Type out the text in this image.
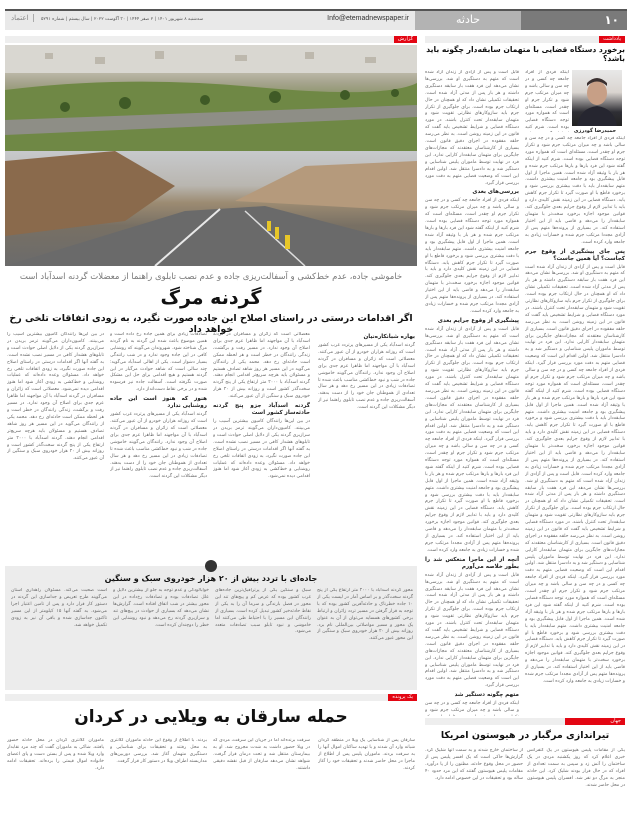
۱۰
حادثه
Info@etemadnewspaper.ir
سه‌شنبه ۸ شهریور ۱۴۰۱ | ۲ صفر ۱۴۴۴ | ۳۰ آگوست ۲۰۲۲ | سال بیستم | شماره ۵۲۹۱
اعتماد
گزارش
خاموشی جاده، عدم خط‌کشی و آسفالت‌ریزی جاده و عدم نصب تابلوی راهنما از معضلات گردنه اسدآباد است
گردنه مرگ
اگر اقدامات درستی در راستای اصلاح این جاده صورت نگیرد، به زودی اتفاقات تلخی رخ خواهد داد
بهاره شبانکاره‌نیان
گردنه اسدآباد یکی از مسیرهای پرتردد غرب کشور است که روزانه هزاران خودرو از آن عبور می‌کنند. معضلاتی است که زائران و مسافران در گردنه اسدآباد با آن مواجهند اما ظاهرا عزم جدی برای اصلاح آن وجود ندارد. رانندگان می‌گویند خاموشی جاده در شب و نبود خط‌کشی مناسب باعث شده تا تصادفات زیادی در این مسیر رخ دهد و هر سال تعدادی از هموطنان جان خود را از دست بدهند. آسفالت‌ریزی جاده و عدم نصب تابلوی راهنما نیز از دیگر مشکلات این گردنه است.
معضلاتی است که زائران و مسافران در گردنه اسدآباد با آن مواجهند اما ظاهرا عزم جدی برای اصلاح آن وجود ندارد. در مسیر رفت و برگشت، زندگی رانندگان در خطر است و هر لحظه ممکن است حادثه‌ای رخ دهد. محمد یکی از رانندگان می‌گوید در این مسیر هر روز شاهد تصادف هستیم و مسئولان باید هرچه سریع‌تر اقدامی انجام دهند. گردنه اسدآباد با ۲۰۰۰ متر ارتفاع یکی از پنج گردنه سخت‌گذر کشور است و روزانه بیش از ۲۰ هزار خودروی سبک و سنگین از آن عبور می‌کنند.
گردنه اسدآباد جزو پنج گردنه حادثه‌ساز کشور است
در بین این‌ها رانندگان کامیون بیشترین آسیب را می‌بینند. کامیون‌داران می‌گویند ترمز بریدن در سرازیری گردنه یکی از دلایل اصلی حوادث است و تابلوهای هشدار کافی در مسیر نصب نشده است. به گفته آنها اگر اقدامات درستی در راستای اصلاح این جاده صورت نگیرد، به زودی اتفاقات تلخی رخ خواهد داد. مسئولان وعده داده‌اند که عملیات روشنایی و خط‌کشی به زودی آغاز شود اما هنوز اقدامی دیده نمی‌شود.
تصادفات زیادی برای همین جاده رخ داده است و همین موضوع باعث شده این گردنه به نام گردنه مرگ شناخته شود. شهروندان می‌گویند که روشنایی کافی در این جاده وجود ندارد و در شب رانندگی بسیار دشوار است. یکی از اهالی اسدآباد می‌گوید: چند سالی است که شاهد حوادث مرگبار در این گردنه هستیم و هیچ اقدامی برای حل این مشکل صورت نگرفته است. آسفالت جاده نیز فرسوده شده و در برخی نقاط دست‌انداز دارد.
هنوز که هنوز است این جاده روشنایی ندارد
گردنه اسدآباد یکی از مسیرهای پرتردد غرب کشور است که روزانه هزاران خودرو از آن عبور می‌کنند. معضلاتی است که زائران و مسافران در گردنه اسدآباد با آن مواجهند اما ظاهرا عزم جدی برای اصلاح آن وجود ندارد. رانندگان می‌گویند خاموشی جاده در شب و نبود خط‌کشی مناسب باعث شده تا تصادفات زیادی در این مسیر رخ دهد و هر سال تعدادی از هموطنان جان خود را از دست بدهند. آسفالت‌ریزی جاده و عدم نصب تابلوی راهنما نیز از دیگر مشکلات این گردنه است.
در بین این‌ها رانندگان کامیون بیشترین آسیب را می‌بینند. کامیون‌داران می‌گویند ترمز بریدن در سرازیری گردنه یکی از دلایل اصلی حوادث است و تابلوهای هشدار کافی در مسیر نصب نشده است. به گفته آنها اگر اقدامات درستی در راستای اصلاح این جاده صورت نگیرد، به زودی اتفاقات تلخی رخ خواهد داد. مسئولان وعده داده‌اند که عملیات روشنایی و خط‌کشی به زودی آغاز شود اما هنوز اقدامی دیده نمی‌شود. معضلاتی است که زائران و مسافران در گردنه اسدآباد با آن مواجهند اما ظاهرا عزم جدی برای اصلاح آن وجود ندارد. در مسیر رفت و برگشت، زندگی رانندگان در خطر است و هر لحظه ممکن است حادثه‌ای رخ دهد. محمد یکی از رانندگان می‌گوید در این مسیر هر روز شاهد تصادف هستیم و مسئولان باید هرچه سریع‌تر اقدامی انجام دهند. گردنه اسدآباد با ۲۰۰۰ متر ارتفاع یکی از پنج گردنه سخت‌گذر کشور است و روزانه بیش از ۲۰ هزار خودروی سبک و سنگین از آن عبور می‌کنند.
جاده‌ای با تردد بیش از ۲۰ هزار خودروی سبک و سنگین
محور گردنه اسدآباد با ۲۰۰۰ متر ارتفاع یکی از پنج گردنه سخت‌گذر و بر اساس آمار در لیست یکی از ۱۰ جاده خطرناک و حادثه‌آفرین کشور بوده که با توجه به قرار گرفتن در مسیر تردد زائران و ارتباط برخی کشورهای همسایه می‌توان از آن به عنوان یک محور و مسیر مواصلاتی بین‌المللی نام برد. روزانه بیش از ۲۰ هزار خودروی سبک و سنگین از این محور عبور می‌کنند.
سبک و سنگین یکی از پرترافیک‌ترین جاده‌های غرب کشور بوده که عرض کم و پیچ‌های تند این محور در فصل بارندگی و سرما آن را به یکی از نقاط حادثه‌خیز کشور تبدیل کرده است. بسیاری از رانندگان این مسیر را با احتیاط طی می‌کنند اما خاموشی و نبود تابلو سبب تصادفات متعدد می‌شود.
خوابآلودگی و عدم توجه به جلو از بیشترین دلایل و علل تصادفات بوده و تصادفات رخ‌داده در این محور بیشتر در شب اتفاق افتاده است. گزارش‌ها نشان می‌دهد که بسیاری از حوادث در پیچ‌های تند و سرازیری گردنه رخ می‌دهد و نبود روشنایی این خطر را دوچندان کرده است.
است صحبت می‌کند. مسئولان راهداری استان می‌گویند طرح تعریض و جداسازی این گردنه در دستور کار قرار دارد و پس از تامین اعتبار اجرا می‌شود. به گفته آنها ۱۵ کیلومتر از این مسیر تاکنون جداسازی شده و باقی آن نیز به زودی تکمیل خواهد شد.
یک پرونده
حمله سارقان به ویلایی در کردان
سارقان پس از شناسایی یک ویلا در منطقه کردان شبانه وارد آن شدند و با تهدید ساکنان اموال آنها را به سرقت بردند. ماموران پلیس پس از اطلاع از ماجرا در محل حاضر شدند و تحقیقات خود را آغاز کردند.
سرقت برنده‌اند اما در جریان این سرقت، مردی که در ویلا حضور داشت به شدت مجروح شد. او به بیمارستان منتقل شد و تحت درمان قرار گرفت. شواهد نشان می‌دهد سارقان از قبل نقشه دقیقی داشتند.
بردند. با اطلاع از وقوع این حادثه ماموران کلانتری به محل رفتند و تحقیقات برای شناسایی و دستگیری متهمان آغاز شد. بررسی دوربین‌های مداربسته اطراف ویلا در دستور کار قرار گرفت.
ماموران کلانتری کردان در محل حادثه حضور یافتند. شاکی به ماموران گفت که چند مرد نقابدار وارد ویلا شده و پس از بستن دست و پای اعضای خانواده اموال قیمتی را برده‌اند. تحقیقات ادامه دارد.
یادداشت
برخورد دستگاه قضایی با متهمان سابقه‌دار چگونه باید باشد؟
حمیدرضا گودرزی
اینکه فردی از افراد جامعه چه کسی و در چه سن و سالی باشد و چه میزان مرتکب جرم شود و تکرار جرم او چقدر است، مسئله‌ای است که همواره مورد توجه دستگاه قضایی بوده است. شرم کنید
اینکه فردی از افراد جامعه چه کسی و در چه سن و سالی باشد و چه میزان مرتکب جرم شود و تکرار جرم او چقدر است، مسئله‌ای است که همواره مورد توجه دستگاه قضایی بوده است. شرم کنید از اینکه گفته شود این فرد بارها و بارها مرتکب جرم شده و هر بار با وثیقه آزاد شده است. همین ماجرا از اول قابل پیشگیری بود و جامعه امنیت بیشتری داشت. متهم سابقه‌دار باید با دقت بیشتری بررسی شود و برخورد قاطع با او صورت گیرد تا تکرار جرم کاهش یابد. دستگاه قضایی در این زمینه نقش کلیدی دارد و باید با تدابیر لازم از وقوع جرایم بعدی جلوگیری کند. قوانین موجود اجازه برخورد سخت‌تر با متهمان سابقه‌دار را می‌دهد و قاضی باید از این اختیار استفاده کند. در بسیاری از پرونده‌ها متهم پس از آزادی مجددا مرتکب جرم شده و خسارات زیادی به جامعه وارد کرده است.
پس جای پیشگیری از وقوع جرم کجاست؟ آیا همین جاست؟
قابل است و پس از آزادی از زندان آزاد شده است که متهم به دستگیری او شد. بررسی‌ها نشان می‌دهد این فرد هفت بار سابقه دستگیری داشته و هر بار پس از مدتی آزاد شده است. تحقیقات تکمیلی نشان داد که او همچنان در حال ارتکاب جرم بوده است. برای جلوگیری از تکرار جرم باید سازوکارهای نظارتی تقویت شود و متهمان سابقه‌دار تحت کنترل باشند. در مورد دستگاه قضایی و شرایط تشخیص باید گفت که قانون در این زمینه روشن است. به نظر می‌رسد حلقه مفقوده در اجرای دقیق قانون است. بسیاری از کارشناسان معتقدند که مجازات‌های جایگزین برای متهمان سابقه‌دار کارایی ندارد. این فرد در نهایت توسط ماموران پلیس شناسایی و دستگیر شد و به دادسرا منتقل شد. اولین اقدام این است که وضعیت قضایی متهم به دقت مورد بررسی قرار گیرد. اینکه فردی از افراد جامعه چه کسی و در چه سن و سالی باشد و چه میزان مرتکب جرم شود و تکرار جرم او چقدر است، مسئله‌ای است که همواره مورد توجه دستگاه قضایی بوده است. شرم کنید از اینکه گفته شود این فرد بارها و بارها مرتکب جرم شده و هر بار با وثیقه آزاد شده است. همین ماجرا از اول قابل پیشگیری بود و جامعه امنیت بیشتری داشت. متهم سابقه‌دار باید با دقت بیشتری بررسی شود و برخورد قاطع با او صورت گیرد تا تکرار جرم کاهش یابد. دستگاه قضایی در این زمینه نقش کلیدی دارد و باید با تدابیر لازم از وقوع جرایم بعدی جلوگیری کند. قوانین موجود اجازه برخورد سخت‌تر با متهمان سابقه‌دار را می‌دهد و قاضی باید از این اختیار استفاده کند. در بسیاری از پرونده‌ها متهم پس از آزادی مجددا مرتکب جرم شده و خسارات زیادی به جامعه وارد کرده است. قابل است و پس از آزادی از زندان آزاد شده است که متهم به دستگیری او شد. بررسی‌ها نشان می‌دهد این فرد هفت بار سابقه دستگیری داشته و هر بار پس از مدتی آزاد شده است. تحقیقات تکمیلی نشان داد که او همچنان در حال ارتکاب جرم بوده است. برای جلوگیری از تکرار جرم باید سازوکارهای نظارتی تقویت شود و متهمان سابقه‌دار تحت کنترل باشند. در مورد دستگاه قضایی و شرایط تشخیص باید گفت که قانون در این زمینه روشن است. به نظر می‌رسد حلقه مفقوده در اجرای دقیق قانون است. بسیاری از کارشناسان معتقدند که مجازات‌های جایگزین برای متهمان سابقه‌دار کارایی ندارد. این فرد در نهایت توسط ماموران پلیس شناسایی و دستگیر شد و به دادسرا منتقل شد. اولین اقدام این است که وضعیت قضایی متهم به دقت مورد بررسی قرار گیرد. اینکه فردی از افراد جامعه چه کسی و در چه سن و سالی باشد و چه میزان مرتکب جرم شود و تکرار جرم او چقدر است، مسئله‌ای است که همواره مورد توجه دستگاه قضایی بوده است. شرم کنید از اینکه گفته شود این فرد بارها و بارها مرتکب جرم شده و هر بار با وثیقه آزاد شده است. همین ماجرا از اول قابل پیشگیری بود و جامعه امنیت بیشتری داشت. متهم سابقه‌دار باید با دقت بیشتری بررسی شود و برخورد قاطع با او صورت گیرد تا تکرار جرم کاهش یابد. دستگاه قضایی در این زمینه نقش کلیدی دارد و باید با تدابیر لازم از وقوع جرایم بعدی جلوگیری کند. قوانین موجود اجازه برخورد سخت‌تر با متهمان سابقه‌دار را می‌دهد و قاضی باید از این اختیار استفاده کند. در بسیاری از پرونده‌ها متهم پس از آزادی مجددا مرتکب جرم شده و خسارات زیادی به جامعه وارد کرده است.
قابل است و پس از آزادی از زندان آزاد شده است که متهم به دستگیری او شد. بررسی‌ها نشان می‌دهد این فرد هفت بار سابقه دستگیری داشته و هر بار پس از مدتی آزاد شده است. تحقیقات تکمیلی نشان داد که او همچنان در حال ارتکاب جرم بوده است. برای جلوگیری از تکرار جرم باید سازوکارهای نظارتی تقویت شود و متهمان سابقه‌دار تحت کنترل باشند. در مورد دستگاه قضایی و شرایط تشخیص باید گفت که قانون در این زمینه روشن است. به نظر می‌رسد حلقه مفقوده در اجرای دقیق قانون است. بسیاری از کارشناسان معتقدند که مجازات‌های جایگزین برای متهمان سابقه‌دار کارایی ندارد. این فرد در نهایت توسط ماموران پلیس شناسایی و دستگیر شد و به دادسرا منتقل شد. اولین اقدام این است که وضعیت قضایی متهم به دقت مورد بررسی قرار گیرد.
بررسی‌های بعدی
اینکه فردی از افراد جامعه چه کسی و در چه سن و سالی باشد و چه میزان مرتکب جرم شود و تکرار جرم او چقدر است، مسئله‌ای است که همواره مورد توجه دستگاه قضایی بوده است. شرم کنید از اینکه گفته شود این فرد بارها و بارها مرتکب جرم شده و هر بار با وثیقه آزاد شده است. همین ماجرا از اول قابل پیشگیری بود و جامعه امنیت بیشتری داشت. متهم سابقه‌دار باید با دقت بیشتری بررسی شود و برخورد قاطع با او صورت گیرد تا تکرار جرم کاهش یابد. دستگاه قضایی در این زمینه نقش کلیدی دارد و باید با تدابیر لازم از وقوع جرایم بعدی جلوگیری کند. قوانین موجود اجازه برخورد سخت‌تر با متهمان سابقه‌دار را می‌دهد و قاضی باید از این اختیار استفاده کند. در بسیاری از پرونده‌ها متهم پس از آزادی مجددا مرتکب جرم شده و خسارات زیادی به جامعه وارد کرده است.
پیشگیری از وقوع جرایم بعدی
قابل است و پس از آزادی از زندان آزاد شده است که متهم به دستگیری او شد. بررسی‌ها نشان می‌دهد این فرد هفت بار سابقه دستگیری داشته و هر بار پس از مدتی آزاد شده است. تحقیقات تکمیلی نشان داد که او همچنان در حال ارتکاب جرم بوده است. برای جلوگیری از تکرار جرم باید سازوکارهای نظارتی تقویت شود و متهمان سابقه‌دار تحت کنترل باشند. در مورد دستگاه قضایی و شرایط تشخیص باید گفت که قانون در این زمینه روشن است. به نظر می‌رسد حلقه مفقوده در اجرای دقیق قانون است. بسیاری از کارشناسان معتقدند که مجازات‌های جایگزین برای متهمان سابقه‌دار کارایی ندارد. این فرد در نهایت توسط ماموران پلیس شناسایی و دستگیر شد و به دادسرا منتقل شد. اولین اقدام این است که وضعیت قضایی متهم به دقت مورد بررسی قرار گیرد. اینکه فردی از افراد جامعه چه کسی و در چه سن و سالی باشد و چه میزان مرتکب جرم شود و تکرار جرم او چقدر است، مسئله‌ای است که همواره مورد توجه دستگاه قضایی بوده است. شرم کنید از اینکه گفته شود این فرد بارها و بارها مرتکب جرم شده و هر بار با وثیقه آزاد شده است. همین ماجرا از اول قابل پیشگیری بود و جامعه امنیت بیشتری داشت. متهم سابقه‌دار باید با دقت بیشتری بررسی شود و برخورد قاطع با او صورت گیرد تا تکرار جرم کاهش یابد. دستگاه قضایی در این زمینه نقش کلیدی دارد و باید با تدابیر لازم از وقوع جرایم بعدی جلوگیری کند. قوانین موجود اجازه برخورد سخت‌تر با متهمان سابقه‌دار را می‌دهد و قاضی باید از این اختیار استفاده کند. در بسیاری از پرونده‌ها متهم پس از آزادی مجددا مرتکب جرم شده و خسارات زیادی به جامعه وارد کرده است.
آنچه از این ماجرا منعکس شد را بطور خلاصه می‌آورم
قابل است و پس از آزادی از زندان آزاد شده است که متهم به دستگیری او شد. بررسی‌ها نشان می‌دهد این فرد هفت بار سابقه دستگیری داشته و هر بار پس از مدتی آزاد شده است. تحقیقات تکمیلی نشان داد که او همچنان در حال ارتکاب جرم بوده است. برای جلوگیری از تکرار جرم باید سازوکارهای نظارتی تقویت شود و متهمان سابقه‌دار تحت کنترل باشند. در مورد دستگاه قضایی و شرایط تشخیص باید گفت که قانون در این زمینه روشن است. به نظر می‌رسد حلقه مفقوده در اجرای دقیق قانون است. بسیاری از کارشناسان معتقدند که مجازات‌های جایگزین برای متهمان سابقه‌دار کارایی ندارد. این فرد در نهایت توسط ماموران پلیس شناسایی و دستگیر شد و به دادسرا منتقل شد. اولین اقدام این است که وضعیت قضایی متهم به دقت مورد بررسی قرار گیرد.
متهم چگونه دستگیر شد
اینکه فردی از افراد جامعه چه کسی و در چه سن و سالی باشد و چه میزان مرتکب جرم شود و
جهان
تیراندازی مرگبار در هیوستون امریکا
یکی از مقامات پلیس هیوستون در یک کنفرانس خبری اعلام کرد که روز یکشنبه مردی در یک ساختمان را آتش زد و سپس به سمت تعدادی از افراد که در حال فرار بودند شلیک کرد. این حادثه منجر به مرگ دو نفر شد. افسران پلیس هیوستون در محل حاضر شدند.
از ساختمان خارج شدند و به سمت آنها شلیک کرد. گزارش‌ها حاکی است که یک افسر پلیس پس از حضور در محل وقوع حادثه، مظنون را از پا درآورد. مقامات پلیس هیوستون گفتند که این مرد حدود ۴۰ ساله بود و تحقیقات در این خصوص ادامه دارد.
